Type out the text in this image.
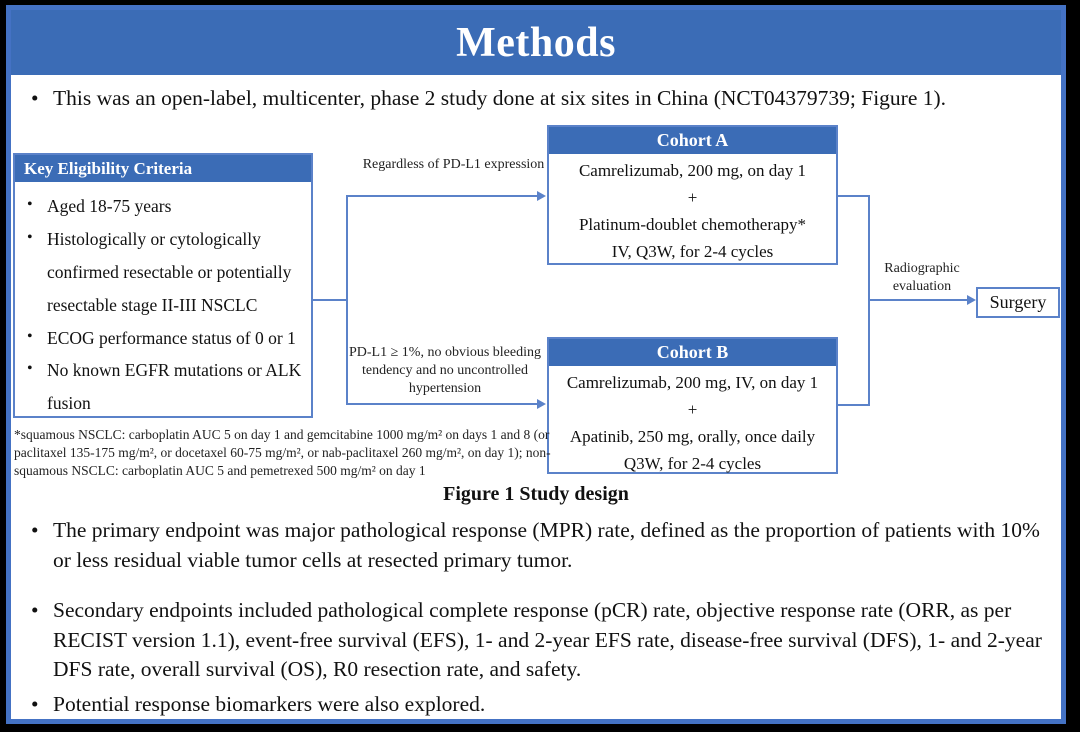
Methods
• This was an open-label, multicenter, phase 2 study done at six sites in China (NCT04379739; Figure 1).
Key Eligibility Criteria
• Aged 18-75 years
• Histologically or cytologically confirmed resectable or potentially resectable stage II-III NSCLC
• ECOG performance status of 0 or 1
• No known EGFR mutations or ALK fusion
Cohort A
Camrelizumab, 200 mg, on day 1
+
Platinum-doublet chemotherapy*
IV, Q3W, for 2-4 cycles
Cohort B
Camrelizumab, 200 mg, IV, on day 1
+
Apatinib, 250 mg, orally, once daily
Q3W, for 2-4 cycles
Surgery
Regardless of PD-L1 expression
PD-L1 ≥ 1%, no obvious bleeding tendency and no uncontrolled hypertension
Radiographic evaluation
*squamous NSCLC: carboplatin AUC 5 on day 1 and gemcitabine 1000 mg/m² on days 1 and 8 (or paclitaxel 135-175 mg/m², or docetaxel 60-75 mg/m², or nab-paclitaxel 260 mg/m², on day 1); non-squamous NSCLC: carboplatin AUC 5 and pemetrexed 500 mg/m² on day 1
Figure 1 Study design
• The primary endpoint was major pathological response (MPR) rate, defined as the proportion of patients with 10% or less residual viable tumor cells at resected primary tumor.
• Secondary endpoints included pathological complete response (pCR) rate, objective response rate (ORR, as per RECIST version 1.1), event-free survival (EFS), 1- and 2-year EFS rate, disease-free survival (DFS), 1- and 2-year DFS rate, overall survival (OS), R0 resection rate, and safety.
• Potential response biomarkers were also explored.
